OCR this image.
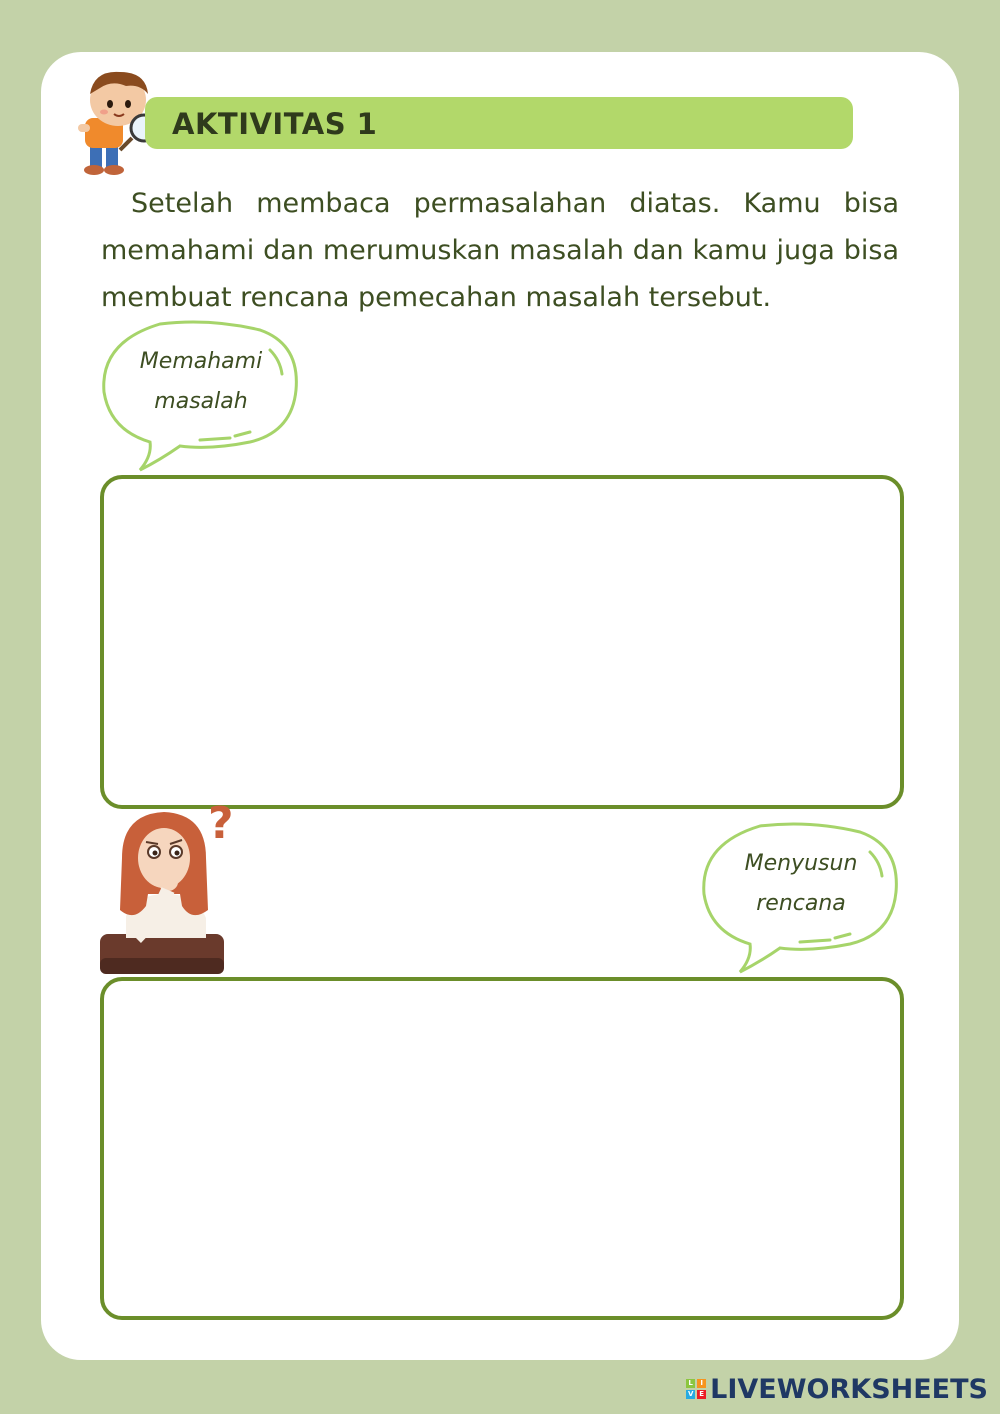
AKTIVITAS 1

Setelah membaca permasalahan diatas. Kamu bisa memahami dan merumuskan masalah dan kamu juga bisa membuat rencana pemecahan masalah tersebut.

Memahami
masalah
?
Menyusun
rencana
L	I
V E LIVEWORKSHEETS
